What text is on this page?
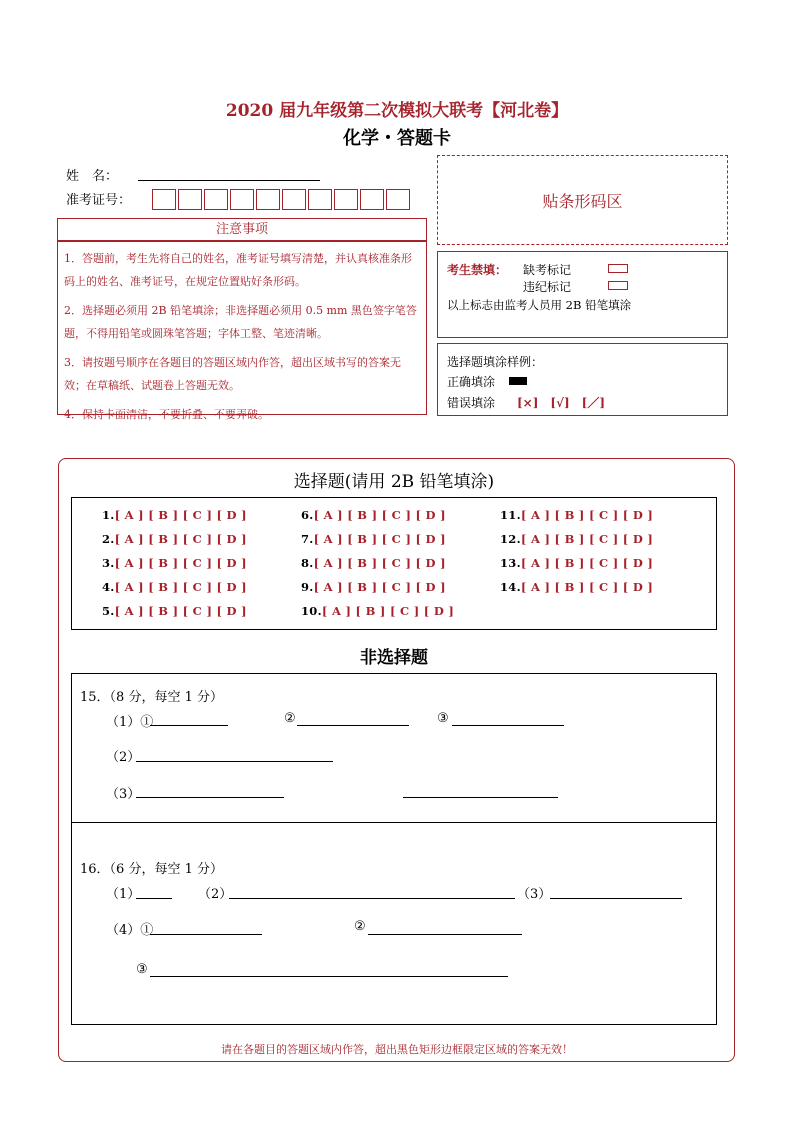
2020 届九年级第二次模拟大联考【河北卷】
化学・答题卡
姓　名：
准考证号：	贴条形码区
注意事项

1．答题前，考生先将自己的姓名，准考证号填写清楚，并认真核准条形码上的姓名、准考证号，在规定位置贴好条形码。

2．选择题必须用 2B 铅笔填涂；非选择题必须用 0.5 mm 黑色签字笔答题，不得用铅笔或圆珠笔答题；字体工整、笔迹清晰。

3．请按题号顺序在各题目的答题区域内作答，超出区域书写的答案无效；在草稿纸、试题卷上答题无效。

4．保持卡面清洁，不要折叠、不要弄破。

考生禁填： 缺考标记
违纪标记
以上标志由监考人员用 2B 铅笔填涂
选择题填涂样例：
正确填涂
错误填涂 [×]　[√]　[／]
选择题(请用 2B 铅笔填涂)
1.[ A ] [ B ] [ C ] [ D ]
2.[ A ] [ B ] [ C ] [ D ]
3.[ A ] [ B ] [ C ] [ D ]
4.[ A ] [ B ] [ C ] [ D ]
5.[ A ] [ B ] [ C ] [ D ]
6.[ A ] [ B ] [ C ] [ D ]
7.[ A ] [ B ] [ C ] [ D ]
8.[ A ] [ B ] [ C ] [ D ]
9.[ A ] [ B ] [ C ] [ D ]
10.[ A ] [ B ] [ C ] [ D ]
11.[ A ] [ B ] [ C ] [ D ]
12.[ A ] [ B ] [ C ] [ D ]
13.[ A ] [ B ] [ C ] [ D ]
14.[ A ] [ B ] [ C ] [ D ]
非选择题
15．（8 分，每空 1 分）
（1）①	②	③
（2）
（3）
16．（6 分，每空 1 分）
（1）	（2）	（3）
（4）①	②
③
请在各题目的答题区域内作答，超出黑色矩形边框限定区域的答案无效！
